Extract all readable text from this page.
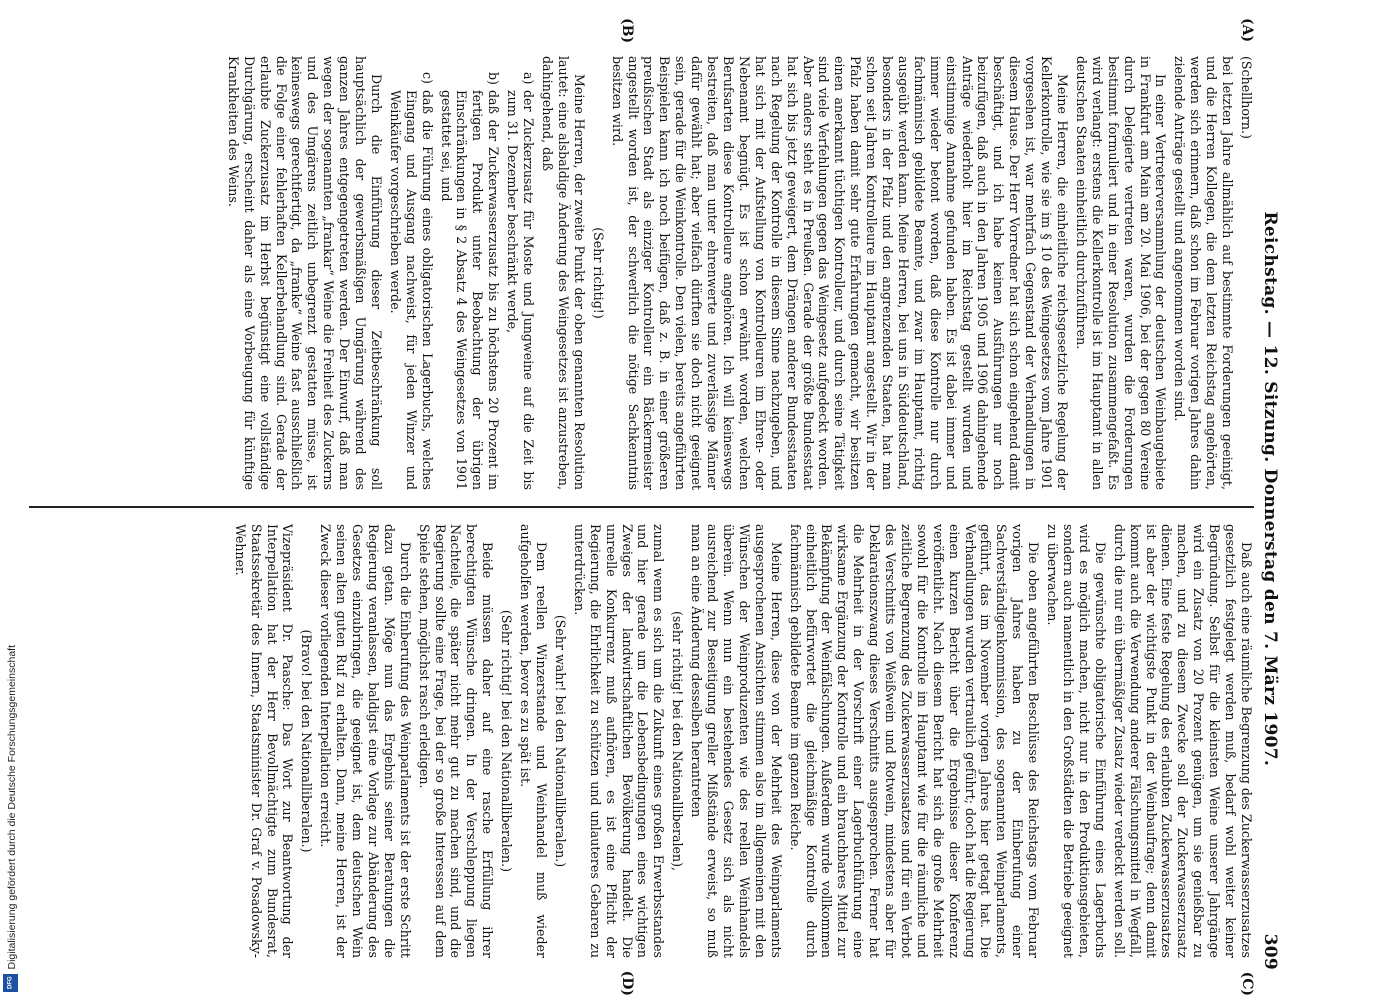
Reichstag. — 12. Sitzung. Donnerstag den 7. März 1907.
309
(A)
(B)

(Schellhorn.)

bei letzten Jahre allmählich auf bestimmte Forderungen geeinigt, und die Herren Kollegen, die dem letzten Reichstag angehörten, werden sich erinnern, daß schon im Februar vorigen Jahres dahin zielende Anträge gestellt und angenommen worden sind.

In einer Vertreterversammlung der deutschen Weinbaugebiete in Frankfurt am Main am 20. Mai 1906, bei der gegen 80 Vereine durch Delegierte vertreten waren, wurden die Forderungen bestimmt formuliert und in einer Resolution zusammengefaßt. Es wird verlangt: erstens die Kellerkontrolle ist im Hauptamt in allen deutschen Staaten einheitlich durchzuführen.

Meine Herren, die einheitliche reichsgesetzliche Regelung der Kellerkontrolle, wie sie im § 10 des Weingesetzes vom Jahre 1901 vorgesehen ist, war mehrfach Gegenstand der Verhandlungen in diesem Hause. Der Herr Vorredner hat sich schon eingehend damit beschäftigt, und ich habe keinen Ausführungen nur noch beizufügen, daß auch in den Jahren 1905 und 1906 dahingehende Anträge wiederholt hier im Reichstag gestellt wurden und einstimmige Annahme gefunden haben. Es ist dabei immer und immer wieder betont worden, daß diese Kontrolle nur durch fachmännisch gebildete Beamte, und zwar im Hauptamt, richtig ausgeübt werden kann. Meine Herren, bei uns in Süddeutschland, besonders in der Pfalz und den angrenzenden Staaten, hat man schon seit Jahren Kontrolleure im Hauptamt angestellt. Wir in der Pfalz haben damit sehr gute Erfahrungen gemacht, wir besitzen einen anerkannt tüchtigen Kontrolleur, und durch seine Tätigkeit sind viele Verfehlungen gegen das Weingesetz aufgedeckt worden. Aber anders steht es in Preußen. Gerade der größte Bundesstaat hat sich bis jetzt geweigert, dem Drängen anderer Bundesstaaten nach Regelung der Kontrolle in diesem Sinne nachzugeben, und hat sich mit der Aufstellung von Kontrolleuren im Ehren- oder Nebenamt begnügt. Es ist schon erwähnt worden, welchen Berufsarten diese Kontrolleure angehören. Ich will keineswegs bestreiten, daß man unter ehrenwerte und zuverlässige Männer dafür gewählt hat; aber vielfach dürften sie doch nicht geeignet sein, gerade für die Weinkontrolle. Den vielen, bereits angeführten Beispielen kann ich noch beifügen, daß z. B. in einer größeren preußischen Stadt als einziger Kontrolleur ein Bäckermeister angestellt worden ist, der schwerlich die nötige Sachkenntnis besitzen wird.

(Sehr richtig!)

Meine Herren, der zweite Punkt der oben genannten Resolution lautet: eine alsbaldige Änderung des Weingesetzes ist anzustreben, dahingehend, daß

a)
der Zuckerzusatz für Moste und Jungweine auf die Zeit bis zum 31. Dezember beschränkt werde,

b)
daß der Zuckerwasserzusatz bis zu höchstens 20 Prozent im fertigen Produkt unter Beobachtung der übrigen Einschränkungen in § 2 Absatz 4 des Weingesetzes von 1901 gestattet sei, und

c)
daß die Führung eines obligatorischen Lagerbuchs, welches Eingang und Ausgang nachweist, für jeden Winzer und Weinkäufer vorgeschrieben werde.

Durch die Einführung dieser Zeitbeschränkung soll hauptsächlich der gewerbsmäßigen Umgärung während des ganzen Jahres entgegengetreten werden. Der Einwurf, daß man wegen der sogenannten „frankar“ Weine die Freiheit des Zuckerns und des Umgärens zeitlich unbegrenzt gestatten müsse, ist keineswegs gerechtfertigt, da „franke“ Weine fast ausschließlich die Folge einer fehlerhaften Kellerbehandlung sind. Gerade der erlaubte Zuckerzusatz im Herbst begünstigt eine vollständige Durchgärung, erscheint daher als eine Vorbeugung für künftige Krankheiten des Weins.

(C)
(D)

Daß auch eine räumliche Begrenzung des Zuckerwasserzusatzes gesetzlich festgelegt werden muß, bedarf wohl weiter keiner Begründung. Selbst für die kleinsten Weine unserer Jahrgänge wird ein Zusatz von 20 Prozent genügen, um sie genießbar zu machen, und zu diesem Zwecke soll der Zuckerwasserzusatz dienen. Eine feste Regelung des erlaubten Zuckerwasserzusatzes ist aber der wichtigste Punkt in der Weinbaufrage; denn damit kommt auch die Verwendung anderer Fälschungsmittel in Wegfall, durch die nur ein übermäßiger Zusatz wieder verdeckt werden soll.

Die gewünschte obligatorische Einführung eines Lagerbuchs wird es möglich machen, nicht nur in den Produktionsgebieten, sondern auch namentlich in den Großstädten die Betriebe geeignet zu überwachen.

Die oben angeführten Beschlüsse des Reichstags vom Februar vorigen Jahres haben zu der Einberufung einer Sachverständigenkommission, des sogenannten Weinparlaments, geführt, das im November vorigen Jahres hier getagt hat. Die Verhandlungen wurden vertraulich geführt; doch hat die Regierung einen kurzen Bericht über die Ergebnisse dieser Konferenz veröffentlicht. Nach diesem Bericht hat sich die große Mehrheit sowohl für die Kontrolle im Hauptamt wie für die räumliche und zeitliche Begrenzung des Zuckerwasserzusatzes und für ein Verbot des Verschnitts von Weißwein und Rotwein, mindestens aber für Deklarationszwang dieses Verschnitts ausgesprochen. Ferner hat die Mehrheit in der Vorschrift einer Lagerbuchführung eine wirksame Ergänzung der Kontrolle und ein brauchbares Mittel zur Bekämpfung der Weinfälschungen. Außerdem wurde vollkommen einheitlich befürwortet die gleichmäßige Kontrolle durch fachmännisch gebildete Beamte im ganzen Reiche.

Meine Herren, diese von der Mehrheit des Weinparlaments ausgesprochenen Ansichten stimmen also im allgemeinen mit den Wünschen der Weinproduzenten wie des reellen Weinhandels überein. Wenn nun ein bestehendes Gesetz sich als nicht ausreichend zur Beseitigung greller Mißstände erweist, so muß man an eine Änderung desselben herantreten

(sehr richtig! bei den Nationalliberalen),

zumal wenn es sich um die Zukunft eines großen Erwerbsstandes und hier gerade um die Lebensbedingungen eines wichtigen Zweiges der landwirtschaftlichen Bevölkerung handelt. Die unreelle Konkurrenz muß aufhören, es ist eine Pflicht der Regierung, die Ehrlichkeit zu schützen und unlauteres Gebaren zu unterdrücken.

(Sehr wahr! bei den Nationalliberalen.)

Dem reellen Winzerstande und Weinhandel muß wieder aufgeholfen werden, bevor es zu spät ist.

(Sehr richtig! bei den Nationalliberalen.)

Beide müssen daher auf eine rasche Erfüllung ihrer berechtigten Wünsche dringen. In der Verschleppung liegen Nachteile, die später nicht mehr gut zu machen sind, und die Regierung sollte eine Frage, bei der so große Interessen auf dem Spiele stehen, möglichst rasch erledigen.

Durch die Einberufung des Weinparlaments ist der erste Schritt dazu getan. Möge nun das Ergebnis seiner Beratungen die Regierung veranlassen, baldigst eine Vorlage zur Abänderung des Gesetzes einzubringen, die geeignet ist, dem deutschen Wein seinen alten guten Ruf zu erhalten. Dann, meine Herren, ist der Zweck dieser vorliegenden Interpellation erreicht.

(Bravo! bei den Nationalliberalen.)

Vizepräsident Dr. Paasche: Das Wort zur Beantwortung der Interpellation hat der Herr Bevollmächtigte zum Bundesrat, Staatssekretär des Innern, Staatsminister Dr. Graf v. Posadowsky-Wehner.

Digitalisierung gefördert durch die Deutsche Forschungsgemeinschaft
DFG
